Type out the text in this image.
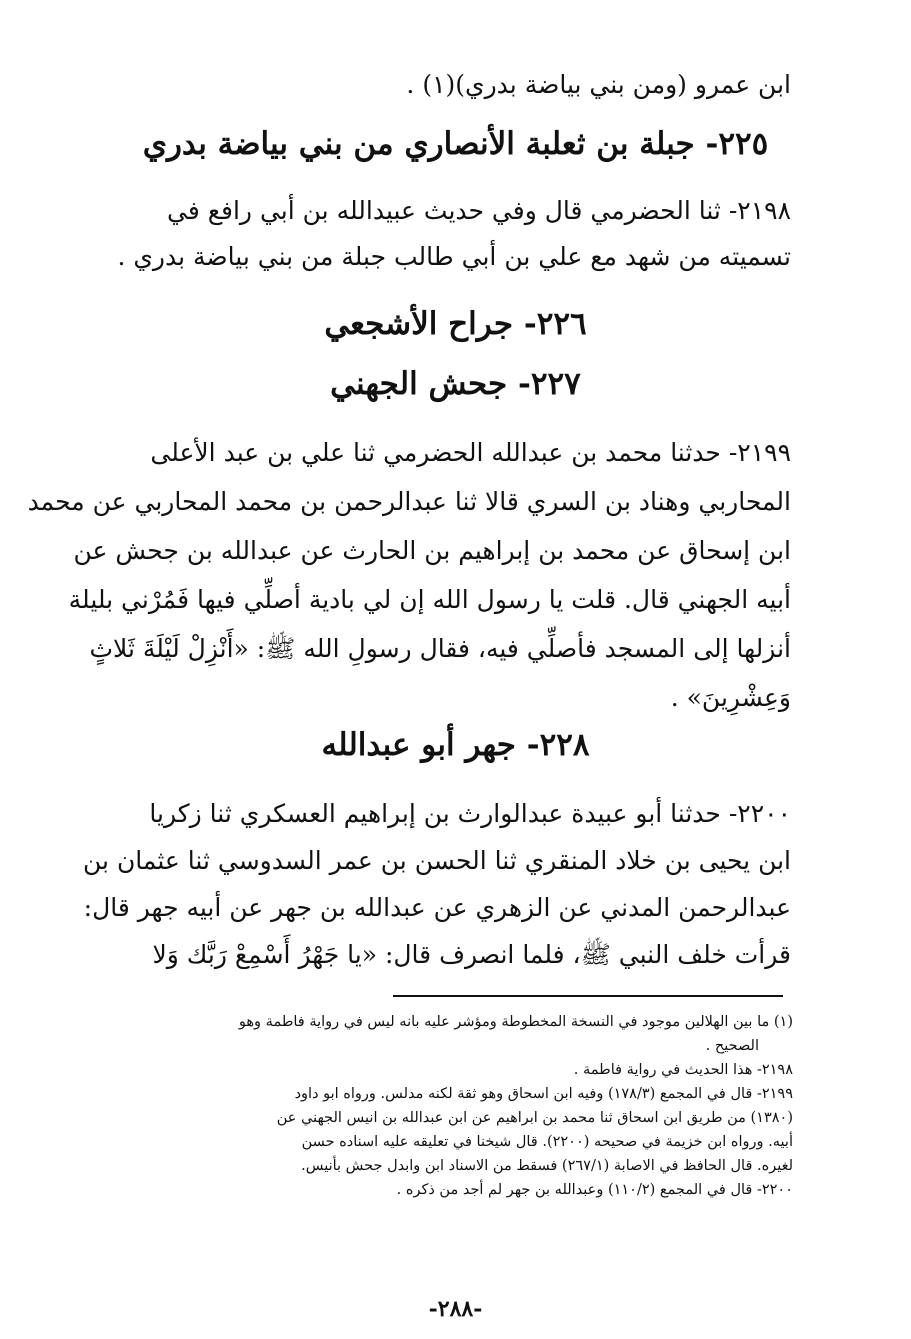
ابن عمرو (ومن بني بياضة بدري)(١) .
٢٢٥- جبلة بن ثعلبة الأنصاري من بني بياضة بدري
٢١٩٨- ثنا الحضرمي قال وفي حديث عبيدالله بن أبي رافع في
تسميته من شهد مع علي بن أبي طالب جبلة من بني بياضة بدري .
٢٢٦- جراح الأشجعي
٢٢٧- جحش الجهني
٢١٩٩- حدثنا محمد بن عبدالله الحضرمي ثنا علي بن عبد الأعلى
المحاربي وهناد بن السري قالا ثنا عبدالرحمن بن محمد المحاربي عن محمد
ابن إسحاق عن محمد بن إبراهيم بن الحارث عن عبدالله بن جحش عن
أبيه الجهني قال. قلت يا رسول الله إن لي بادية أصلِّي فيها فَمُرْني بليلة
أنزلها إلى المسجد فأصلِّي فيه، فقال رسولِ الله ﷺ: «أَنْزِلْ لَيْلَةَ ثَلاثٍ
وَعِشْرِينَ» .
٢٢٨- جهر أبو عبدالله
٢٢٠٠- حدثنا أبو عبيدة عبدالوارث بن إبراهيم العسكري ثنا زكريا
ابن يحيى بن خلاد المنقري ثنا الحسن بن عمر السدوسي ثنا عثمان بن
عبدالرحمن المدني عن الزهري عن عبدالله بن جهر عن أبيه جهر قال:
قرأت خلف النبي ﷺ، فلما انصرف قال: «يا جَهْرُ أَسْمِعْ رَبَّك وَلا
(١) ما بين الهلالين موجود في النسخة المخطوطة ومؤشر عليه بانه ليس في رواية فاطمة وهو
الصحيح .
٢١٩٨- هذا الحديث في رواية فاطمة .
٢١٩٩- قال في المجمع (١٧٨/٣) وفيه ابن اسحاق وهو ثقة لكنه مدلس. ورواه ابو داود
(١٣٨٠) من طريق ابن اسحاق ثنا محمد بن ابراهيم عن ابن عبدالله بن انيس الجهني عن
أبيه. ورواه ابن خزيمة في صحيحه (٢٢٠٠). قال شيخنا في تعليقه عليه اسناده حسن
لغيره. قال الحافظ في الاصابة (٢٦٧/١) فسقط من الاسناد ابن وابدل جحش بأنيس.
٢٢٠٠- قال في المجمع (١١٠/٢) وعبدالله بن جهر لم أجد من ذكره .
-٢٨٨-
